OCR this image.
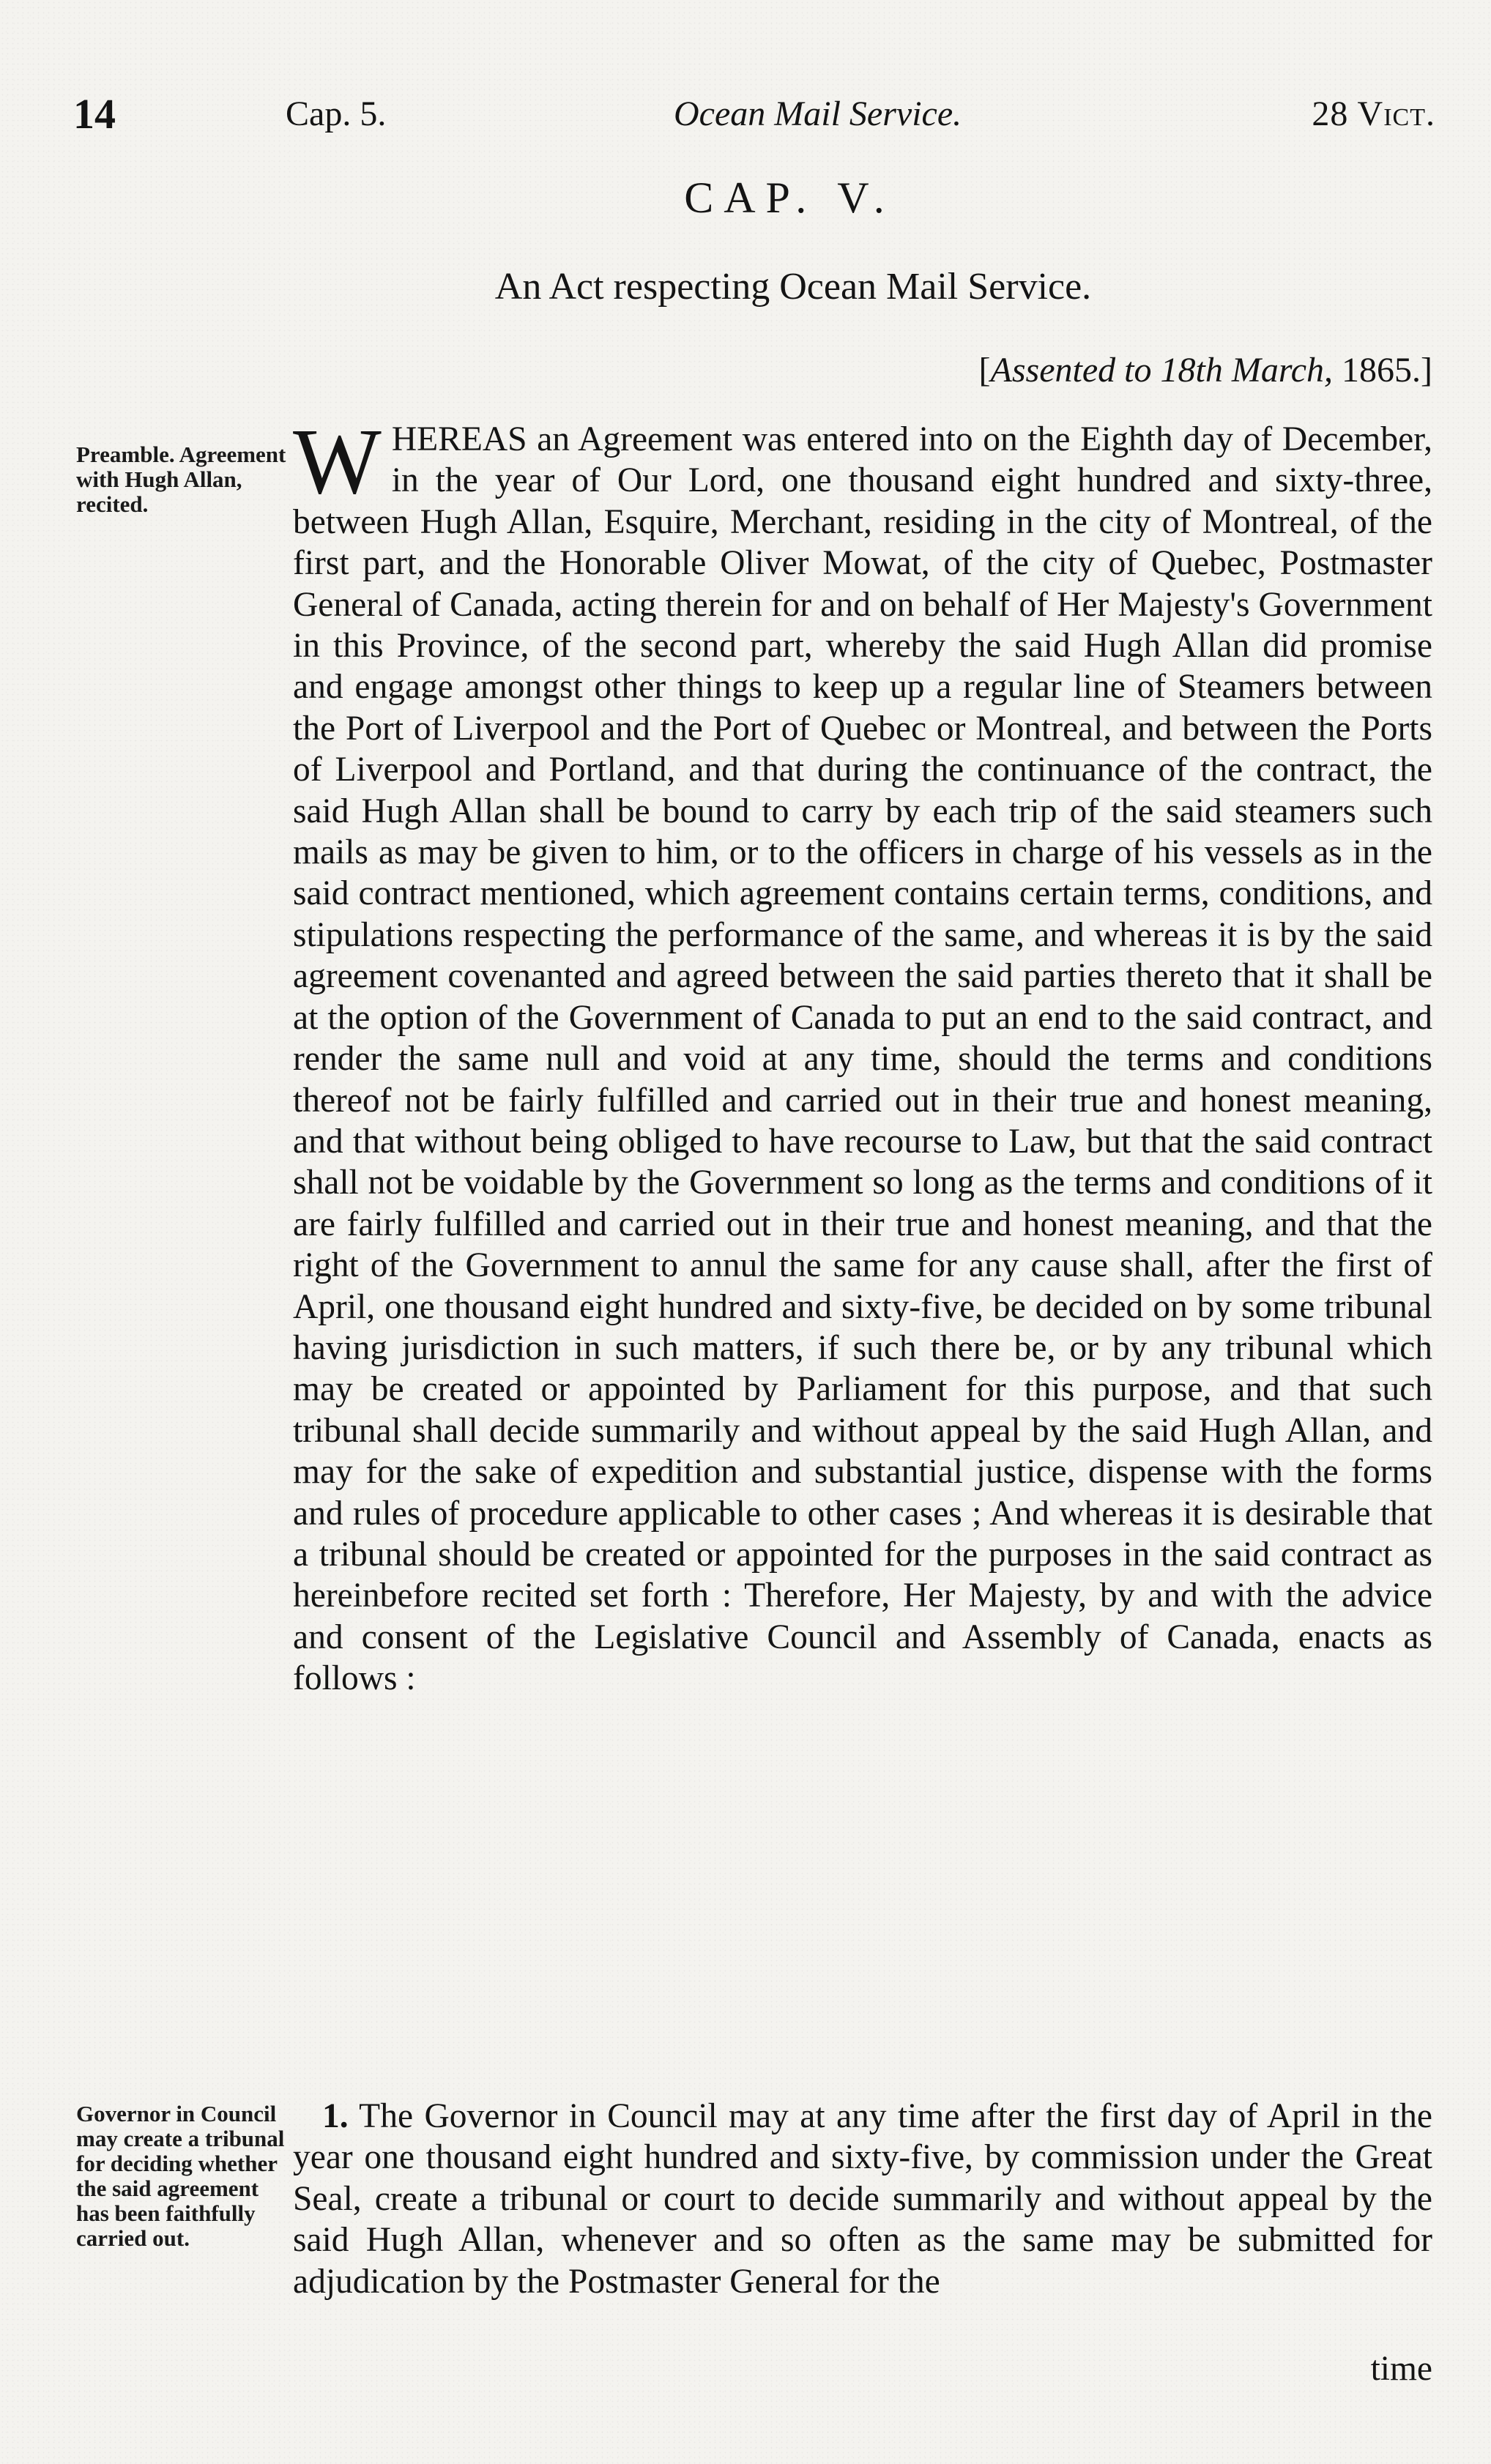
14	Cap. 5.	Ocean Mail Service.	28 Vict.
CAP. V.
An Act respecting Ocean Mail Service.
[Assented to 18th March, 1865.]
Preamble. Agreement with Hugh Allan, recited.	WHEREAS an Agreement was entered into on the Eighth day of December, in the year of Our Lord, one thousand eight hundred and sixty-three, between Hugh Allan, Esquire, Merchant, residing in the city of Montreal, of the first part, and the Honorable Oliver Mowat, of the city of Quebec, Postmaster General of Canada, acting therein for and on behalf of Her Majesty's Government in this Province, of the second part, whereby the said Hugh Allan did promise and engage amongst other things to keep up a regular line of Steamers between the Port of Liverpool and the Port of Quebec or Montreal, and between the Ports of Liverpool and Portland, and that during the continuance of the contract, the said Hugh Allan shall be bound to carry by each trip of the said steamers such mails as may be given to him, or to the officers in charge of his vessels as in the said contract mentioned, which agreement contains certain terms, conditions, and stipulations respecting the performance of the same, and whereas it is by the said agreement covenanted and agreed between the said parties thereto that it shall be at the option of the Government of Canada to put an end to the said contract, and render the same null and void at any time, should the terms and conditions thereof not be fairly fulfilled and carried out in their true and honest meaning, and that without being obliged to have recourse to Law, but that the said contract shall not be voidable by the Government so long as the terms and conditions of it are fairly fulfilled and carried out in their true and honest meaning, and that the right of the Government to annul the same for any cause shall, after the first of April, one thousand eight hundred and sixty-five, be decided on by some tribunal having jurisdiction in such matters, if such there be, or by any tribunal which may be created or appointed by Parliament for this purpose, and that such tribunal shall decide summarily and without appeal by the said Hugh Allan, and may for the sake of expedition and substantial justice, dispense with the forms and rules of procedure applicable to other cases ; And whereas it is desirable that a tribunal should be created or appointed for the purposes in the said contract as hereinbefore recited set forth : Therefore, Her Majesty, by and with the advice and consent of the Legislative Council and Assembly of Canada, enacts as follows :
Governor in Council may create a tribunal for deciding whether the said agreement has been faithfully carried out.
1. The Governor in Council may at any time after the first day of April in the year one thousand eight hundred and sixty-five, by commission under the Great Seal, create a tribunal or court to decide summarily and without appeal by the said Hugh Allan, whenever and so often as the same may be submitted for adjudication by the Postmaster General for the
time
